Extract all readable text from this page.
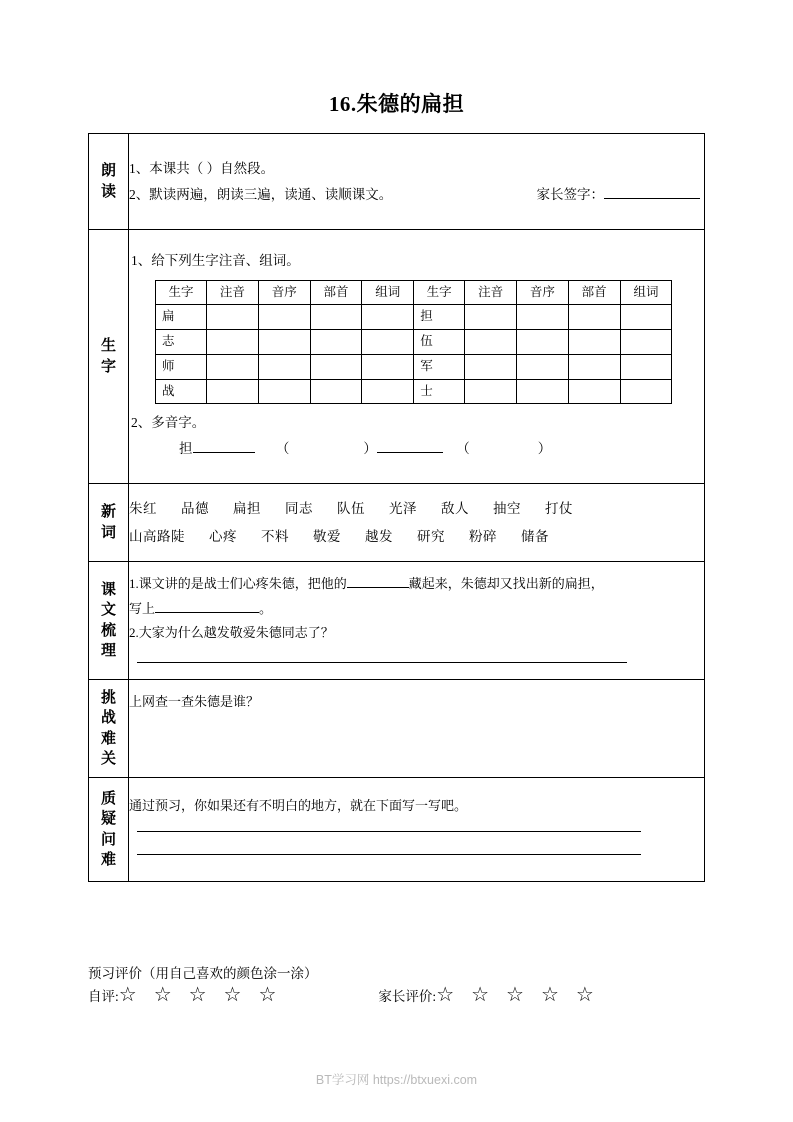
16.朱德的扁担
朗读

1、本课共（ ）自然段。
2、默读两遍，朗读三遍，读通、读顺课文。	家长签字：

生字

1、给下列生字注音、组词。
生字	注音	音序	部首	组词	生字	注音	音序	部首	组词
扁					担				
志					伍				
师					军				
战					士				
2、多音字。
担	（	）	（	）

新词

朱红 品德 扁担 同志 队伍 光泽 敌人 抽空 打仗
山高路陡 心疼 不料 敬爱 越发 研究 粉碎 储备

课文梳理

1.课文讲的是战士们心疼朱德，把他的	藏起来，朱德却又找出新的扁担，
写上	。
2.大家为什么越发敬爱朱德同志了？

挑战难关

上网查一查朱德是谁？

质疑问难

通过预习，你如果还有不明白的地方，就在下面写一写吧。
预习评价（用自己喜欢的颜色涂一涂）
自评: ☆ ☆ ☆ ☆ ☆	家长评价: ☆ ☆ ☆ ☆ ☆
BT学习网 https://btxuexi.com
